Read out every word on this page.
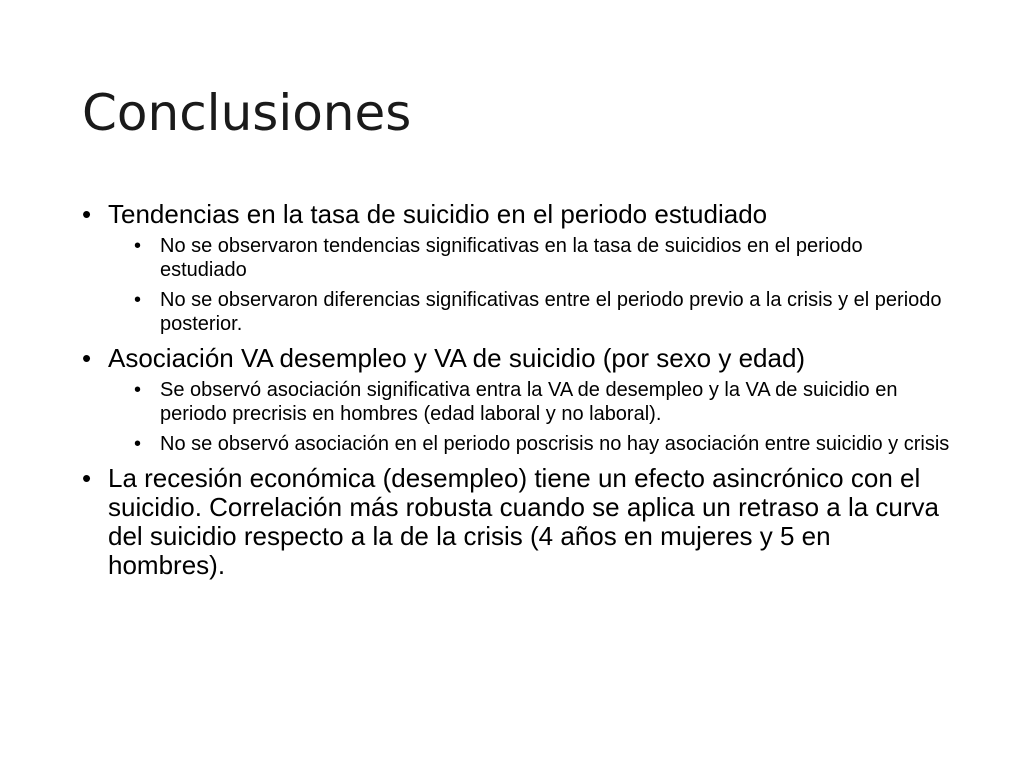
Conclusiones
• Tendencias en la tasa de suicidio en el periodo estudiado
• No se observaron tendencias significativas en la tasa de suicidios en el periodo estudiado
• No se observaron diferencias significativas entre el periodo previo a la crisis y el periodo posterior.
• Asociación VA desempleo y VA de suicidio (por sexo y edad)
• Se observó asociación significativa entra la VA de desempleo y la VA de suicidio en periodo precrisis en hombres (edad laboral y no laboral).
• No se observó asociación en el periodo poscrisis no hay asociación entre suicidio y crisis
• La recesión económica (desempleo) tiene un efecto asincrónico con el suicidio. Correlación más robusta cuando se aplica un retraso a la curva del suicidio respecto a la de la crisis (4 años en mujeres y 5 en hombres).
